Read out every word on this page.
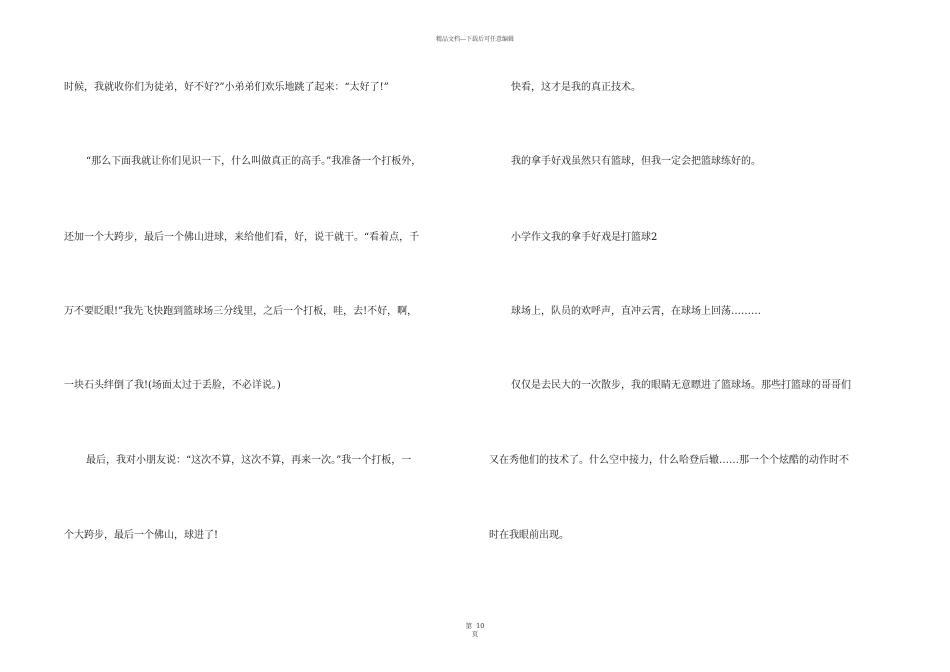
精品文档---下载后可任意编辑
时候，我就收你们为徒弟，好不好?”小弟弟们欢乐地跳了起来：“太好了!”
“那么下面我就让你们见识一下，什么叫做真正的高手。”我准备一个打板外，
还加一个大跨步，最后一个佛山进球，来给他们看，好，说干就干。“看着点，千
万不要眨眼!”我先飞快跑到篮球场三分线里，之后一个打板，哇，去!不好，啊，
一块石头绊倒了我!(场面太过于丢脸，不必详说。)
最后，我对小朋友说：“这次不算，这次不算，再来一次。”我一个打板，一
个大跨步，最后一个佛山，球进了!
快看，这才是我的真正技术。
我的拿手好戏虽然只有篮球，但我一定会把篮球练好的。
小学作文我的拿手好戏是打篮球2
球场上，队员的欢呼声，直冲云霄，在球场上回荡………
仅仅是去民大的一次散步，我的眼睛无意瞟进了篮球场。那些打篮球的哥哥们
又在秀他们的技术了。什么空中接力，什么哈登后辙……那一个个炫酷的动作时不
时在我眼前出现。
第 10
页
